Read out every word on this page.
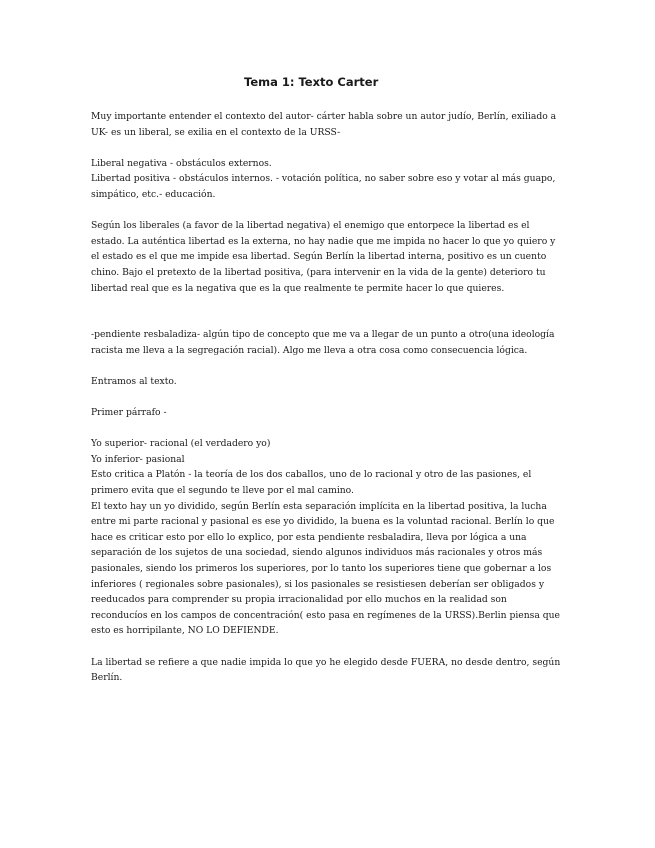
Tema 1: Texto Carter

Muy importante entender el contexto del autor- cárter habla sobre un autor judío, Berlín, exiliado a UK- es un liberal, se exilia en el contexto de la URSS-

Liberal negativa - obstáculos externos.

Libertad positiva - obstáculos internos. - votación política, no saber sobre eso y votar al más guapo, simpático, etc.- educación.

Según los liberales (a favor de la libertad negativa) el enemigo que entorpece la libertad es el estado. La auténtica libertad es la externa, no hay nadie que me impida no hacer lo que yo quiero y el estado es el que me impide esa libertad. Según Berlín la libertad interna, positivo es un cuento chino. Bajo el pretexto de la libertad positiva, (para intervenir en la vida de la gente) deterioro tu libertad real que es la negativa que es la que realmente te permite hacer lo que quieres.

-pendiente resbaladiza- algún tipo de concepto que me va a llegar de un punto a otro(una ideología racista me lleva a la segregación racial). Algo me lleva a otra cosa como consecuencia lógica.

Entramos al texto.

Primer párrafo -

Yo superior- racional (el verdadero yo)

Yo inferior- pasional

Esto critica a Platón - la teoría de los dos caballos, uno de lo racional y otro de las pasiones, el primero evita que el segundo te lleve por el mal camino.

El texto hay un yo dividido, según Berlín esta separación implícita en la libertad positiva, la lucha entre mi parte racional y pasional es ese yo dividido, la buena es la voluntad racional. Berlín lo que hace es criticar esto por ello lo explico, por esta pendiente resbaladira, lleva por lógica a una separación de los sujetos de una sociedad, siendo algunos individuos más racionales y otros más pasionales, siendo los primeros los superiores, por lo tanto los superiores tiene que gobernar a los inferiores ( regionales sobre pasionales), si los pasionales se resistiesen deberían ser obligados y reeducados para comprender su propia irracionalidad por ello muchos en la realidad son reconducíos en los campos de concentración( esto pasa en regímenes de la URSS).Berlin piensa que esto es horripilante, NO LO DEFIENDE.

La libertad se refiere a que nadie impida lo que yo he elegido desde FUERA, no desde dentro, según Berlín.
